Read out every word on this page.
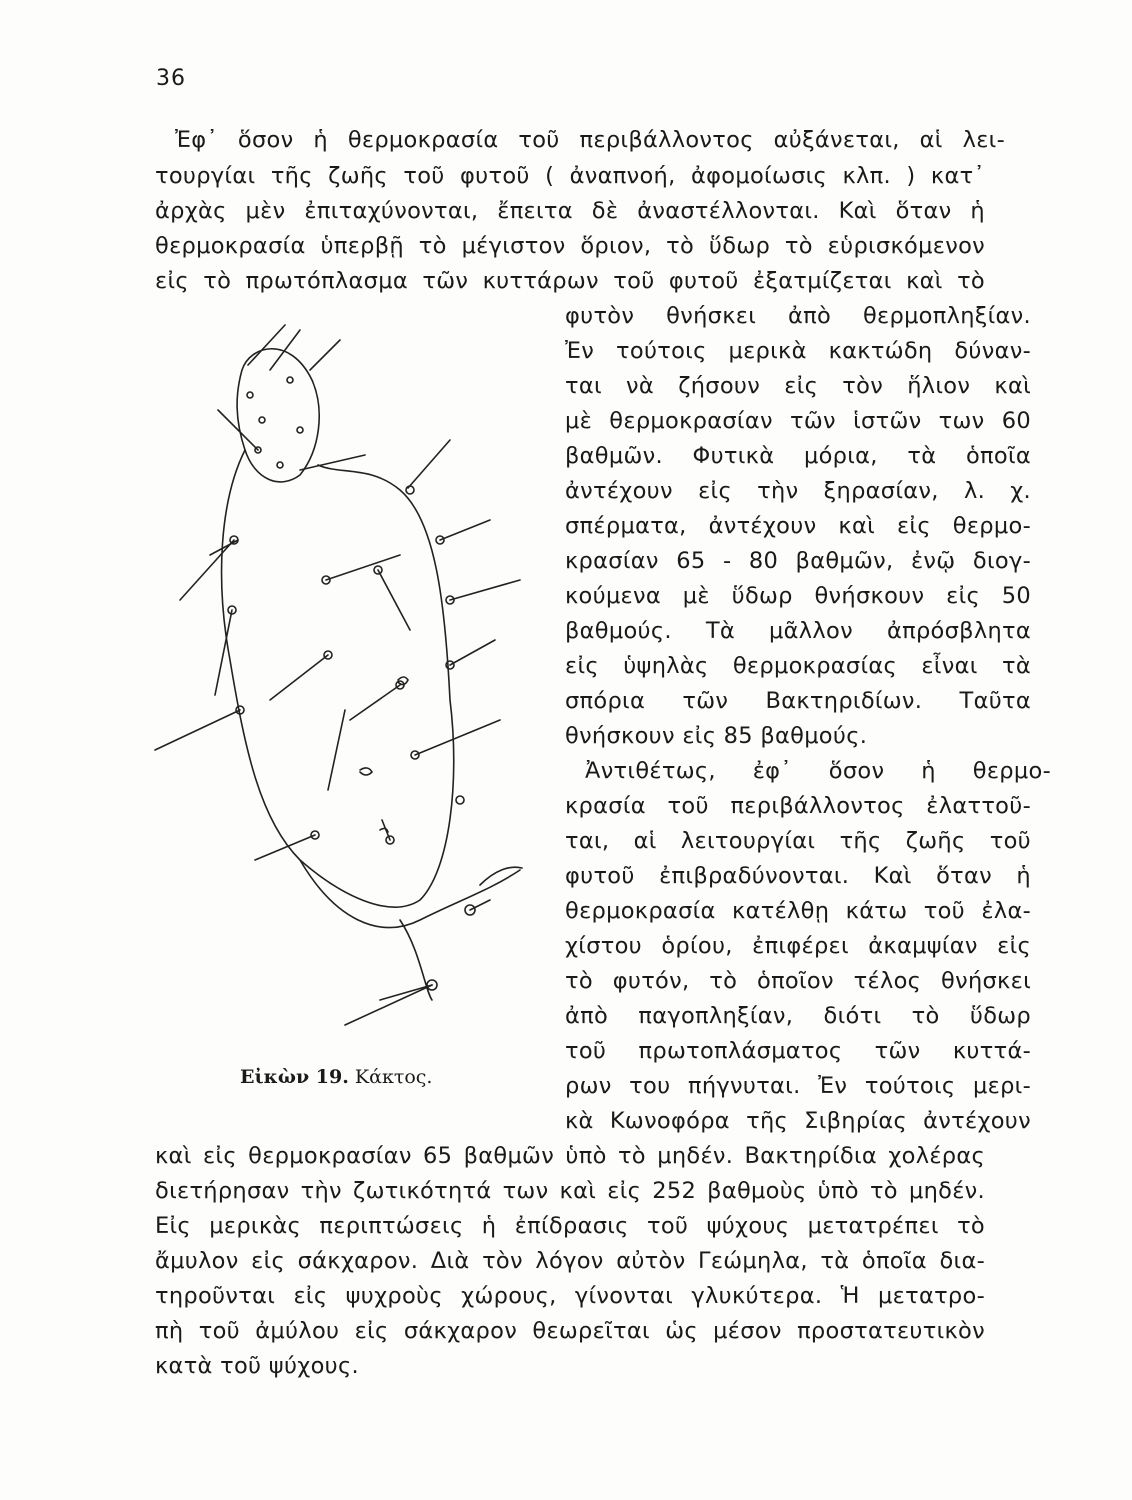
36
Ἐφ᾽ ὅσον ἡ θερμοκρασία τοῦ περιβάλλοντος αὐξάνεται, αἱ λει-
τουργίαι τῆς ζωῆς τοῦ φυτοῦ ( ἀναπνοή, ἀφομοίωσις κλπ. ) κατ᾽
ἀρχὰς μὲν ἐπιταχύνονται, ἔπειτα δὲ ἀναστέλλονται. Καὶ ὅταν ἡ
θερμοκρασία ὑπερβῇ τὸ μέγιστον ὅριον, τὸ ὕδωρ τὸ εὑρισκόμενον
εἰς τὸ πρωτόπλασμα τῶν κυττάρων τοῦ φυτοῦ ἐξατμίζεται καὶ τὸ
φυτὸν θνήσκει ἀπὸ θερμοπληξίαν.
Ἐν τούτοις μερικὰ κακτώδη δύναν-
ται νὰ ζήσουν εἰς τὸν ἥλιον καὶ
μὲ θερμοκρασίαν τῶν ἱστῶν των 60
βαθμῶν. Φυτικὰ μόρια, τὰ ὁποῖα
ἀντέχουν εἰς τὴν ξηρασίαν, λ. χ.
σπέρματα, ἀντέχουν καὶ εἰς θερμο-
κρασίαν 65 - 80 βαθμῶν, ἐνῷ διογ-
κούμενα μὲ ὕδωρ θνήσκουν εἰς 50
βαθμούς. Τὰ μᾶλλον ἀπρόσβλητα
εἰς ὑψηλὰς θερμοκρασίας εἶναι τὰ
σπόρια τῶν Βακτηριδίων. Ταῦτα
θνήσκουν εἰς 85 βαθμούς.
Ἀντιθέτως, ἐφ᾽ ὅσον ἡ θερμο-
κρασία τοῦ περιβάλλοντος ἐλαττοῦ-
ται, αἱ λειτουργίαι τῆς ζωῆς τοῦ
φυτοῦ ἐπιβραδύνονται. Καὶ ὅταν ἡ
θερμοκρασία κατέλθῃ κάτω τοῦ ἐλα-
χίστου ὁρίου, ἐπιφέρει ἀκαμψίαν εἰς
τὸ φυτόν, τὸ ὁποῖον τέλος θνήσκει
ἀπὸ παγοπληξίαν, διότι τὸ ὕδωρ
τοῦ πρωτοπλάσματος τῶν κυττά-
ρων του πήγνυται. Ἐν τούτοις μερι-
κὰ Κωνοφόρα τῆς Σιβηρίας ἀντέχουν
καὶ εἰς θερμοκρασίαν 65 βαθμῶν ὑπὸ τὸ μηδέν. Βακτηρίδια χολέρας
διετήρησαν τὴν ζωτικότητά των καὶ εἰς 252 βαθμοὺς ὑπὸ τὸ μηδέν.
Εἰς μερικὰς περιπτώσεις ἡ ἐπίδρασις τοῦ ψύχους μετατρέπει τὸ
ἄμυλον εἰς σάκχαρον. Διὰ τὸν λόγον αὐτὸν Γεώμηλα, τὰ ὁποῖα δια-
τηροῦνται εἰς ψυχροὺς χώρους, γίνονται γλυκύτερα. Ἡ μετατρο-
πὴ τοῦ ἀμύλου εἰς σάκχαρον θεωρεῖται ὡς μέσον προστατευτικὸν
κατὰ τοῦ ψύχους.
Εἰκὼν 19. Κάκτος.
